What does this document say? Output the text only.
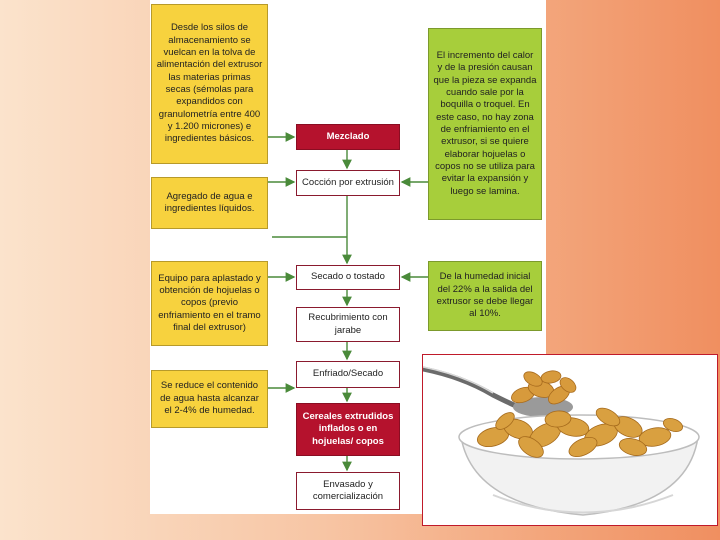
Desde los silos de almacenamiento se vuelcan en la tolva de alimentación del extrusor las materias primas secas (sémolas para expandidos con granulometría entre 400 y 1.200 micrones) e ingredientes básicos.
Agregado de agua e ingredientes líquidos.
Equipo para aplastado y obtención de hojuelas o copos (previo enfriamiento en el tramo final del extrusor)
Se reduce el contenido de agua hasta alcanzar el 2-4% de humedad.
El incremento del calor y de la presión causan que la pieza se expanda cuando sale por la boquilla o troquel. En este caso, no hay zona de enfriamiento en el extrusor, si se quiere elaborar hojuelas o copos no se utiliza para evitar la expansión y luego se lamina.
De la humedad inicial del 22% a la salida del extrusor se debe llegar al 10%.
Mezclado
Cocción por extrusión
Secado o tostado
Recubrimiento con jarabe
Enfriado/Secado
Cereales extrudidos inflados o en hojuelas/ copos
Envasado y comercialización
